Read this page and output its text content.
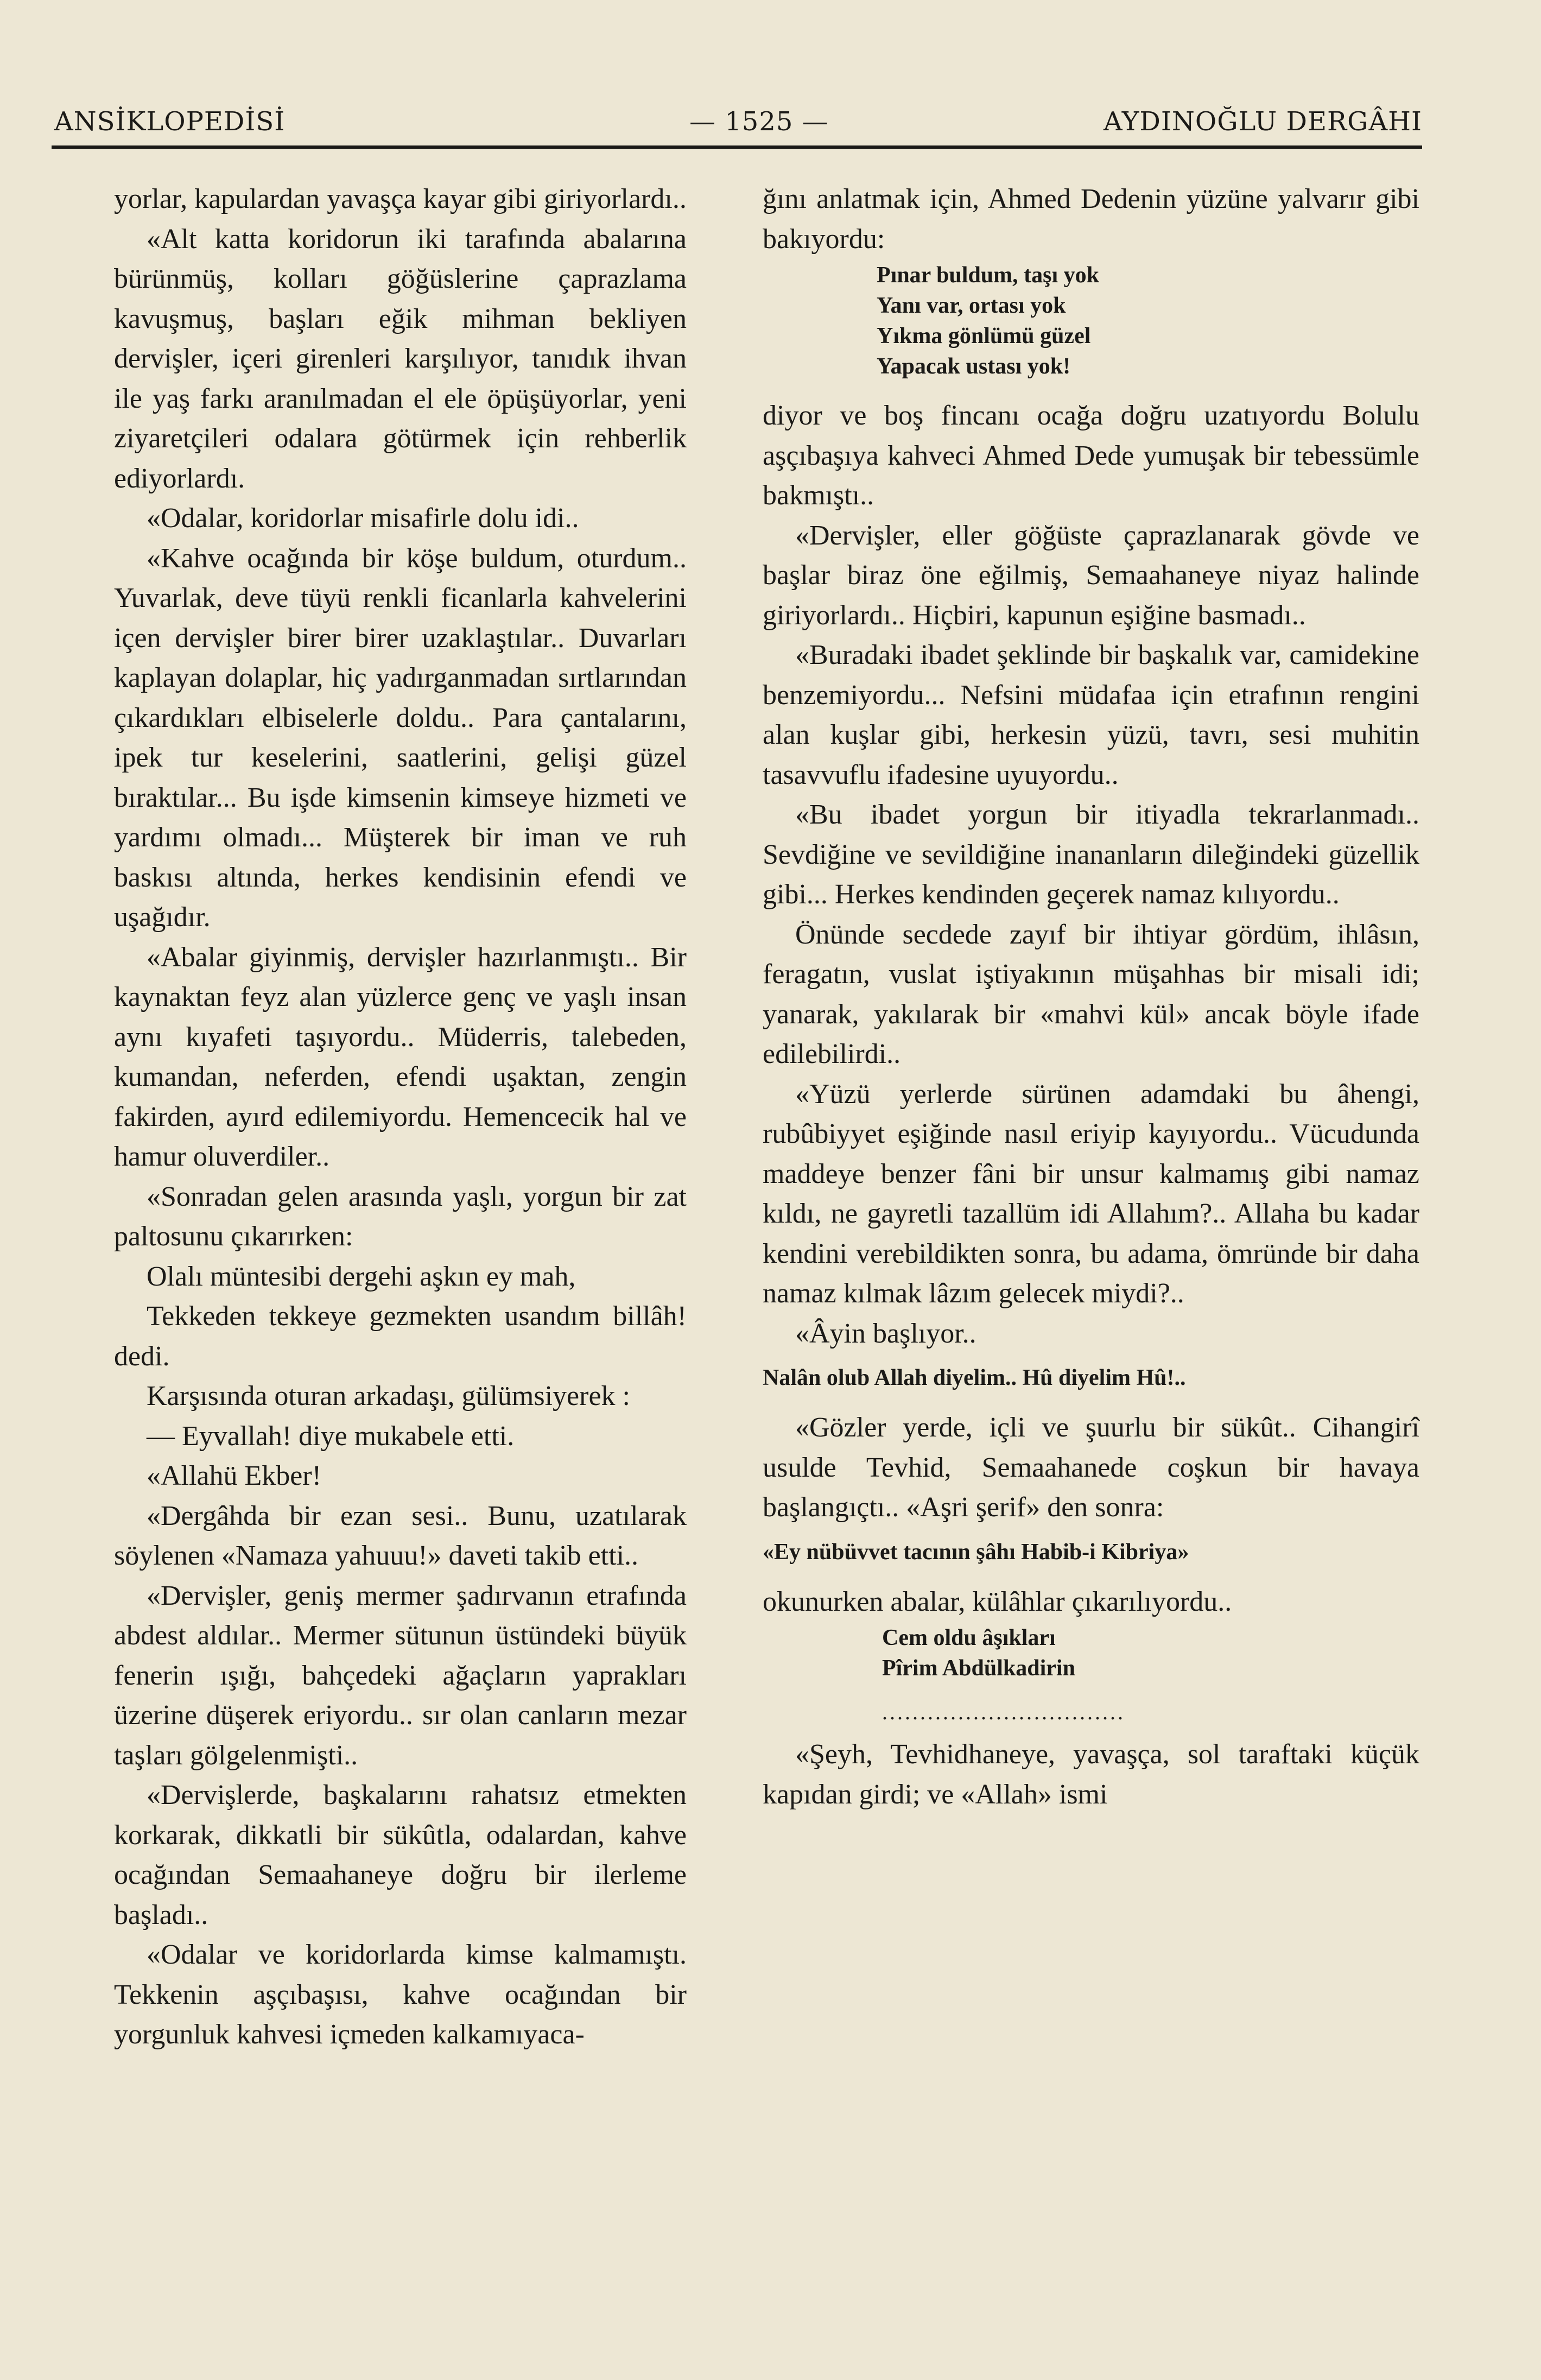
ANSİKLOPEDİSİ	— 1525 —	AYDINOĞLU DERGÂHI

yorlar, kapulardan yavaşça kayar gibi giriyorlardı..

«Alt katta koridorun iki tarafında abalarına bürünmüş, kolları göğüslerine çaprazlama kavuşmuş, başları eğik mihman bekliyen dervişler, içeri girenleri karşılıyor, tanıdık ihvan ile yaş farkı aranılmadan el ele öpüşüyorlar, yeni ziyaretçileri odalara götürmek için rehberlik ediyorlardı.

«Odalar, koridorlar misafirle dolu idi..

«Kahve ocağında bir köşe buldum, oturdum.. Yuvarlak, deve tüyü renkli ficanlarla kahvelerini içen dervişler birer birer uzaklaştılar.. Duvarları kaplayan dolaplar, hiç yadırganmadan sırtlarından çıkardıkları elbiselerle doldu.. Para çantalarını, ipek tur keselerini, saatlerini, gelişi güzel bıraktılar... Bu işde kimsenin kimseye hizmeti ve yardımı olmadı... Müşterek bir iman ve ruh baskısı altında, herkes kendisinin efendi ve uşağıdır.

«Abalar giyinmiş, dervişler hazırlanmıştı.. Bir kaynaktan feyz alan yüzlerce genç ve yaşlı insan aynı kıyafeti taşıyordu.. Müderris, talebeden, kumandan, neferden, efendi uşaktan, zengin fakirden, ayırd edilemiyordu. Hemencecik hal ve hamur oluverdiler..

«Sonradan gelen arasında yaşlı, yorgun bir zat paltosunu çıkarırken:

Olalı müntesibi dergehi aşkın ey mah,

Tekkeden tekkeye gezmekten usandım billâh! dedi.

Karşısında oturan arkadaşı, gülümsiyerek :

— Eyvallah! diye mukabele etti.

«Allahü Ekber!

«Dergâhda bir ezan sesi.. Bunu, uzatılarak söylenen «Namaza yahuuu!» daveti takib etti..

«Dervişler, geniş mermer şadırvanın etrafında abdest aldılar.. Mermer sütunun üstündeki büyük fenerin ışığı, bahçedeki ağaçların yaprakları üzerine düşerek eriyordu.. sır olan canların mezar taşları gölgelenmişti..

«Dervişlerde, başkalarını rahatsız etmekten korkarak, dikkatli bir sükûtla, odalardan, kahve ocağından Semaahaneye doğru bir ilerleme başladı..

«Odalar ve koridorlarda kimse kalmamıştı. Tekkenin aşçıbaşısı, kahve ocağından bir yorgunluk kahvesi içmeden kalkamıyaca-

ğını anlatmak için, Ahmed Dedenin yüzüne yalvarır gibi bakıyordu:

Pınar buldum, taşı yok
Yanı var, ortası yok
Yıkma gönlümü güzel
Yapacak ustası yok!

diyor ve boş fincanı ocağa doğru uzatıyordu Bolulu aşçıbaşıya kahveci Ahmed Dede yumuşak bir tebessümle bakmıştı..

«Dervişler, eller göğüste çaprazlanarak gövde ve başlar biraz öne eğilmiş, Semaahaneye niyaz halinde giriyorlardı.. Hiçbiri, kapunun eşiğine basmadı..

«Buradaki ibadet şeklinde bir başkalık var, camidekine benzemiyordu... Nefsini müdafaa için etrafının rengini alan kuşlar gibi, herkesin yüzü, tavrı, sesi muhitin tasavvuflu ifadesine uyuyordu..

«Bu ibadet yorgun bir itiyadla tekrarlanmadı.. Sevdiğine ve sevildiğine inananların dileğindeki güzellik gibi... Herkes kendinden geçerek namaz kılıyordu..

Önünde secdede zayıf bir ihtiyar gördüm, ihlâsın, feragatın, vuslat iştiyakının müşahhas bir misali idi; yanarak, yakılarak bir «mahvi kül» ancak böyle ifade edilebilirdi..

«Yüzü yerlerde sürünen adamdaki bu âhengi, rubûbiyyet eşiğinde nasıl eriyip kayıyordu.. Vücudunda maddeye benzer fâni bir unsur kalmamış gibi namaz kıldı, ne gayretli tazallüm idi Allahım?.. Allaha bu kadar kendini verebildikten sonra, bu adama, ömründe bir daha namaz kılmak lâzım gelecek miydi?..

«Âyin başlıyor..

Nalân olub Allah diyelim.. Hû diyelim Hû!..

«Gözler yerde, içli ve şuurlu bir sükût.. Cihangirî usulde Tevhid, Semaahanede coşkun bir havaya başlangıçtı.. «Aşri şerif» den sonra:

«Ey nübüvvet tacının şâhı Habib-i Kibriya»

okunurken abalar, külâhlar çıkarılıyordu..

Cem oldu âşıkları
Pîrim Abdülkadirin
................................

«Şeyh, Tevhidhaneye, yavaşça, sol taraftaki küçük kapıdan girdi; ve «Allah» ismi
